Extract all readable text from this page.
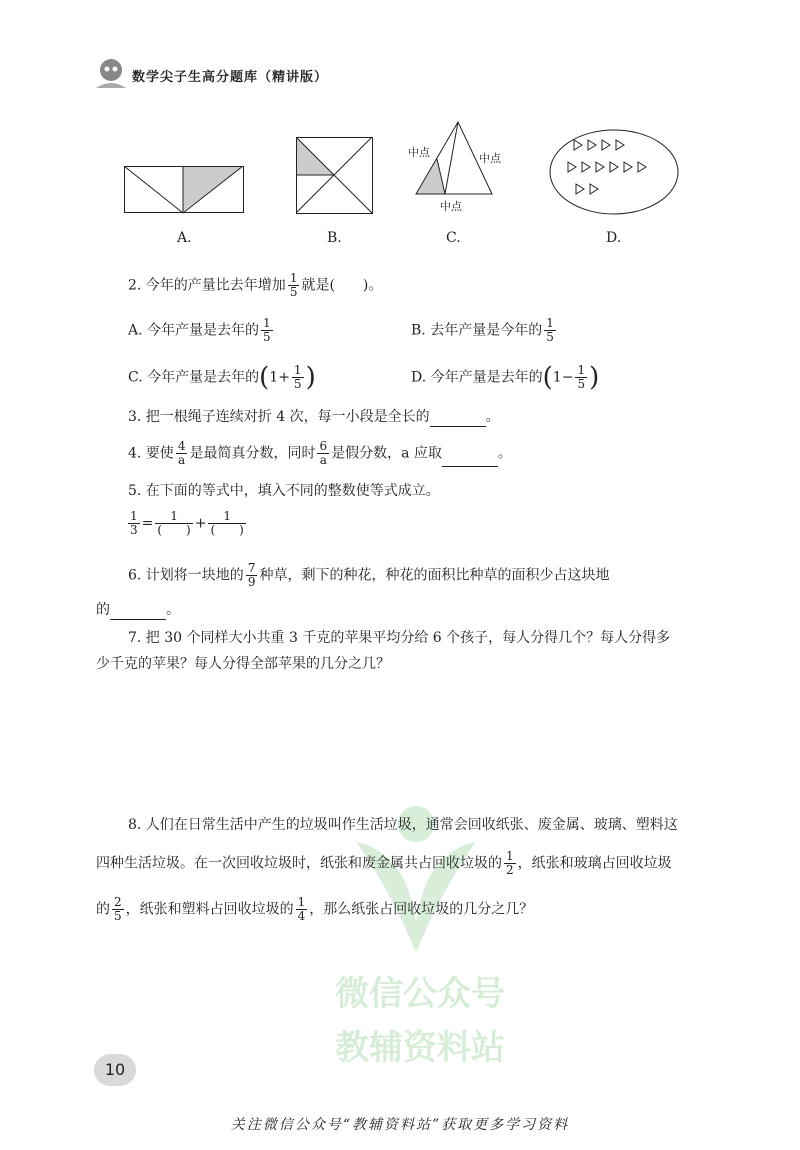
数学尖子生高分题库（精讲版）
中点	中点
中点
A.	B.	C.	D.
2. 今年的产量比去年增加 $\frac{1}{5}$ 就是(　　)。
A. 今年产量是去年的 $\frac{1}{5}$	B. 去年产量是今年的 $\frac{1}{5}$
C. 今年产量是去年的($1+ \frac{1}{5}$ )	D. 今年产量是去年的($1- \frac{1}{5}$ )
3. 把一根绳子连续对折 4 次，每一小段是全长的	。
4. 要使 $\frac{4}{a}$ 是最简真分数，同时 $\frac{6}{a}$ 是假分数，a 应取	。
5. 在下面的等式中，填入不同的整数使等式成立。
$\frac{1}{3} = \frac{1}{( )} + \frac{1}{( )}$
6. 计划将一块地的 $\frac{7}{9}$ 种草，剩下的种花，种花的面积比种草的面积少占这块地
的	。
7. 把 30 个同样大小共重 3 千克的苹果平均分给 6 个孩子，每人分得几个？每人分得多
少千克的苹果？每人分得全部苹果的几分之几？
微信公众号
教辅资料站
8. 人们在日常生活中产生的垃圾叫作生活垃圾，通常会回收纸张、废金属、玻璃、塑料这
四种生活垃圾。在一次回收垃圾时，纸张和废金属共占回收垃圾的 $\frac{1}{2}$ ，纸张和玻璃占回收垃圾
的 $\frac{2}{5}$ ，纸张和塑料占回收垃圾的 $\frac{1}{4}$ ，那么纸张占回收垃圾的几分之几？
10
关注微信公众号“教辅资料站”获取更多学习资料
